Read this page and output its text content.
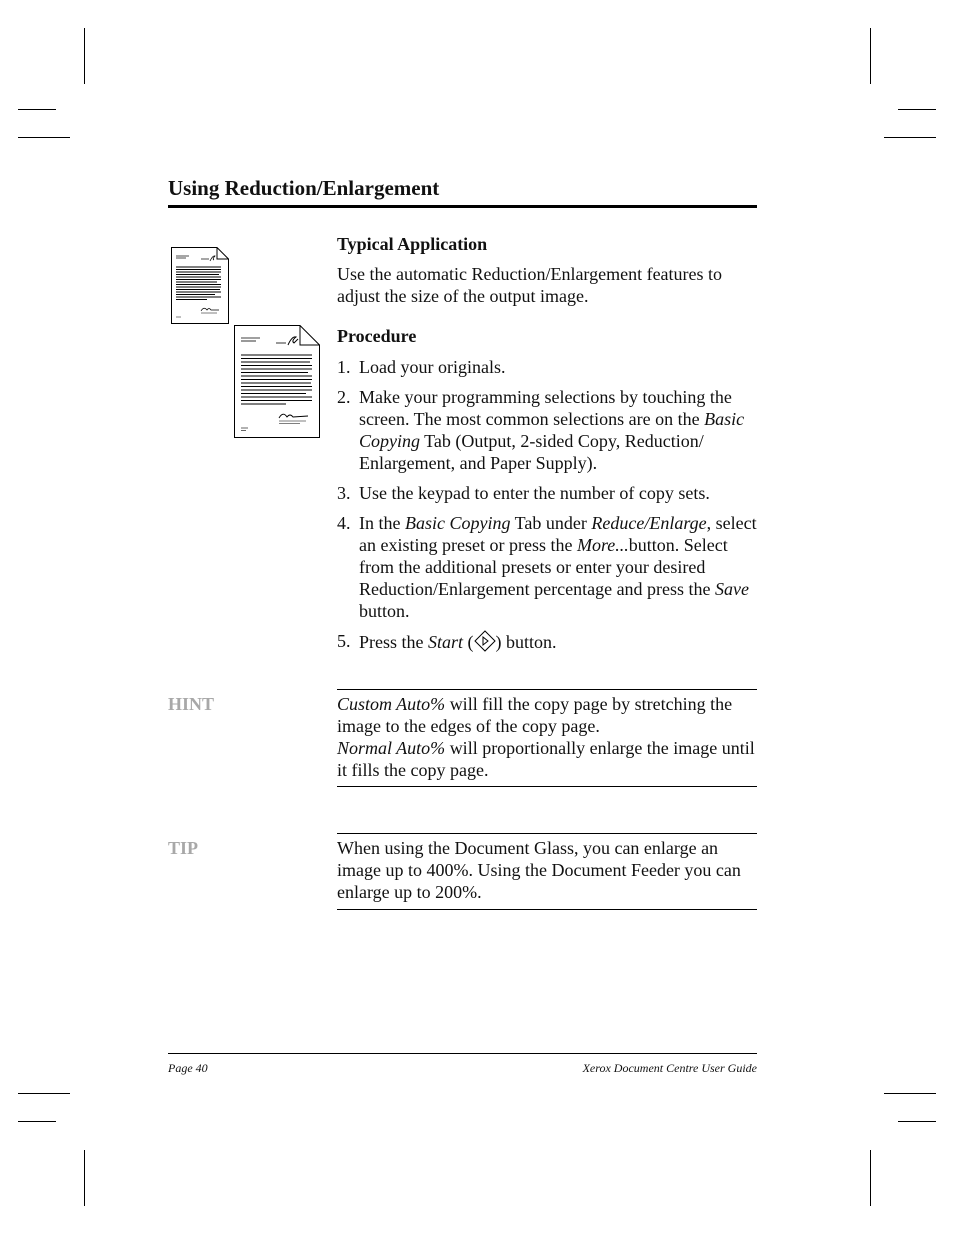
Using Reduction/Enlargement
Typical Application

Use the automatic Reduction/Enlargement features to adjust the size of the output image.

Procedure
1. Load your originals.
2. Make your programming selections by touching the screen. The most common selections are on the Basic Copying Tab (Output, 2-sided Copy, Reduction/ Enlargement, and Paper Supply).
3. Use the keypad to enter the number of copy sets.
4. In the Basic Copying Tab under Reduce/Enlarge, select an existing preset or press the More...button. Select from the additional presets or enter your desired Reduction/Enlargement percentage and press the Save button.
5. Press the Start ( ) button.
HINT	Custom Auto% will fill the copy page by stretching the image to the edges of the copy page.
Normal Auto% will proportionally enlarge the image until it fills the copy page.
TIP	When using the Document Glass, you can enlarge an image up to 400%. Using the Document Feeder you can enlarge up to 200%.
Page 40	Xerox Document Centre User Guide
